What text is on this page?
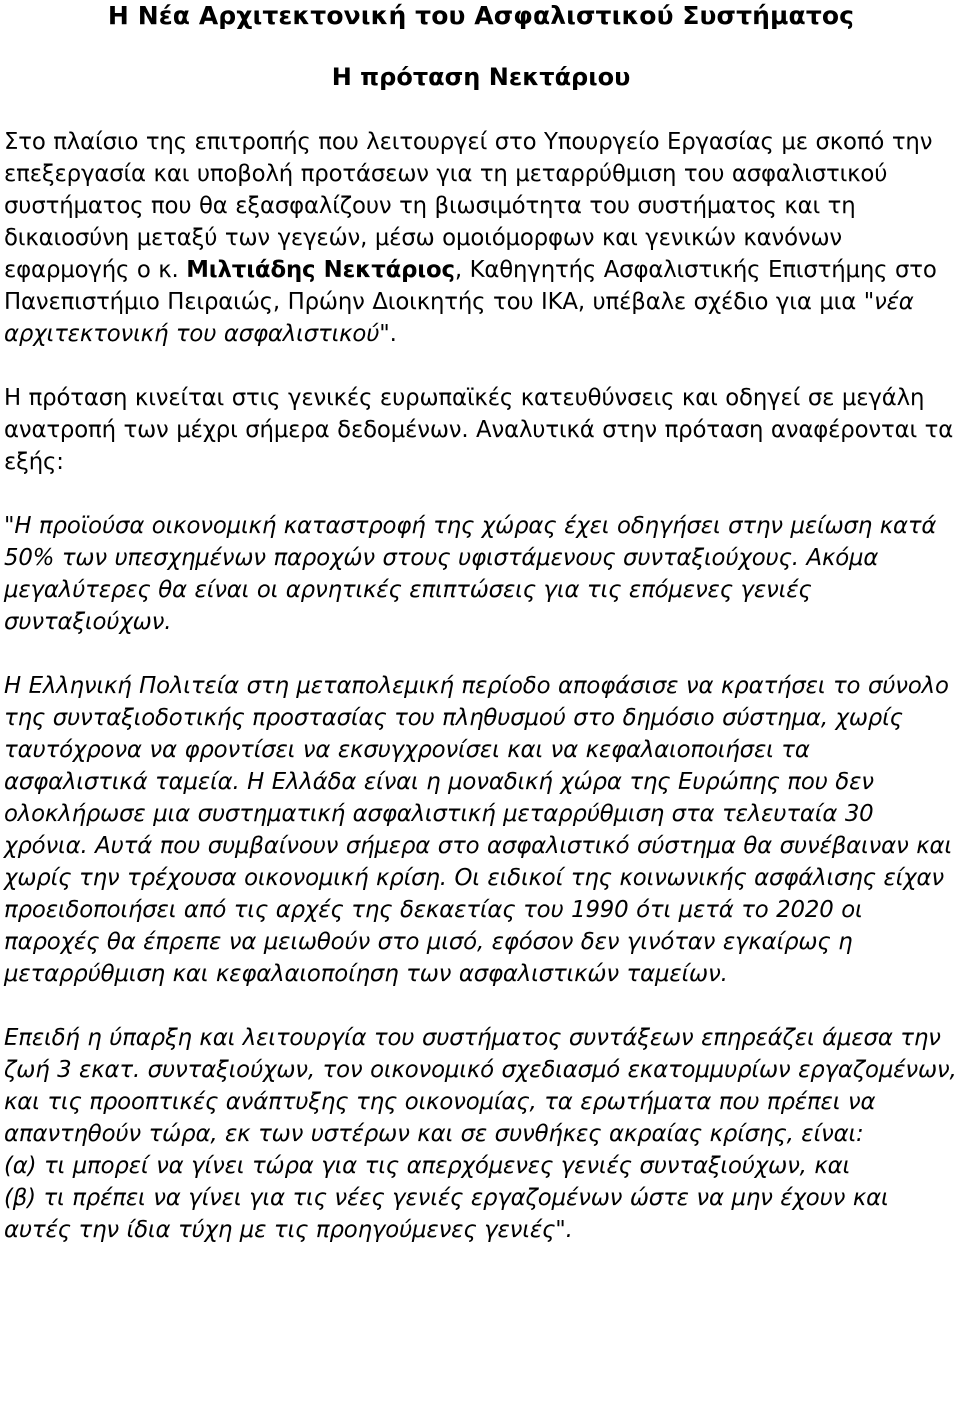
Η Νέα Αρχιτεκτονική του Ασφαλιστικού Συστήματος
Η πρόταση Νεκτάριου

Στο πλαίσιο της επιτροπής που λειτουργεί στο Υπουργείο Εργασίας με σκοπό την επεξεργασία και υποβολή προτάσεων για τη μεταρρύθμιση του ασφαλιστικού συστήματος που θα εξασφαλίζουν τη βιωσιμότητα του συστήματος και τη δικαιοσύνη μεταξύ των γεγεών, μέσω ομοιόμορφων και γενικών κανόνων εφαρμογής ο κ. Μιλτιάδης Νεκτάριος, Καθηγητής Ασφαλιστικής Επιστήμης στο Πανεπιστήμιο Πειραιώς, Πρώην Διοικητής του ΙΚΑ, υπέβαλε σχέδιο για μια "νέα αρχιτεκτονική του ασφαλιστικού".

Η πρόταση κινείται στις γενικές ευρωπαϊκές κατευθύνσεις και οδηγεί σε μεγάλη ανατροπή των μέχρι σήμερα δεδομένων. Αναλυτικά στην πρόταση αναφέρονται τα εξής:

"Η προϊούσα οικονομική καταστροφή της χώρας έχει οδηγήσει στην μείωση κατά 50% των υπεσχημένων παροχών στους υφιστάμενους συνταξιούχους. Ακόμα μεγαλύτερες θα είναι οι αρνητικές επιπτώσεις για τις επόμενες γενιές συνταξιούχων.

Η Ελληνική Πολιτεία στη μεταπολεμική περίοδο αποφάσισε να κρατήσει το σύνολο της συνταξιοδοτικής προστασίας του πληθυσμού στο δημόσιο σύστημα, χωρίς ταυτόχρονα να φροντίσει να εκσυγχρονίσει και να κεφαλαιοποιήσει τα ασφαλιστικά ταμεία. Η Ελλάδα είναι η μοναδική χώρα της Ευρώπης που δεν ολοκλήρωσε μια συστηματική ασφαλιστική μεταρρύθμιση στα τελευταία 30 χρόνια. Αυτά που συμβαίνουν σήμερα στο ασφαλιστικό σύστημα θα συνέβαιναν και χωρίς την τρέχουσα οικονομική κρίση. Οι ειδικοί της κοινωνικής ασφάλισης είχαν προειδοποιήσει από τις αρχές της δεκαετίας του 1990 ότι μετά το 2020 οι παροχές θα έπρεπε να μειωθούν στο μισό, εφόσον δεν γινόταν εγκαίρως η μεταρρύθμιση και κεφαλαιοποίηση των ασφαλιστικών ταμείων.

Επειδή η ύπαρξη και λειτουργία του συστήματος συντάξεων επηρεάζει άμεσα την ζωή 3 εκατ. συνταξιούχων, τον οικονομικό σχεδιασμό εκατομμυρίων εργαζομένων, και τις προοπτικές ανάπτυξης της οικονομίας, τα ερωτήματα που πρέπει να απαντηθούν τώρα, εκ των υστέρων και σε συνθήκες ακραίας κρίσης, είναι:

(α) τι μπορεί να γίνει τώρα για τις απερχόμενες γενιές συνταξιούχων, και

(β) τι πρέπει να γίνει για τις νέες γενιές εργαζομένων ώστε να μην έχουν και αυτές την ίδια τύχη με τις προηγούμενες γενιές".
